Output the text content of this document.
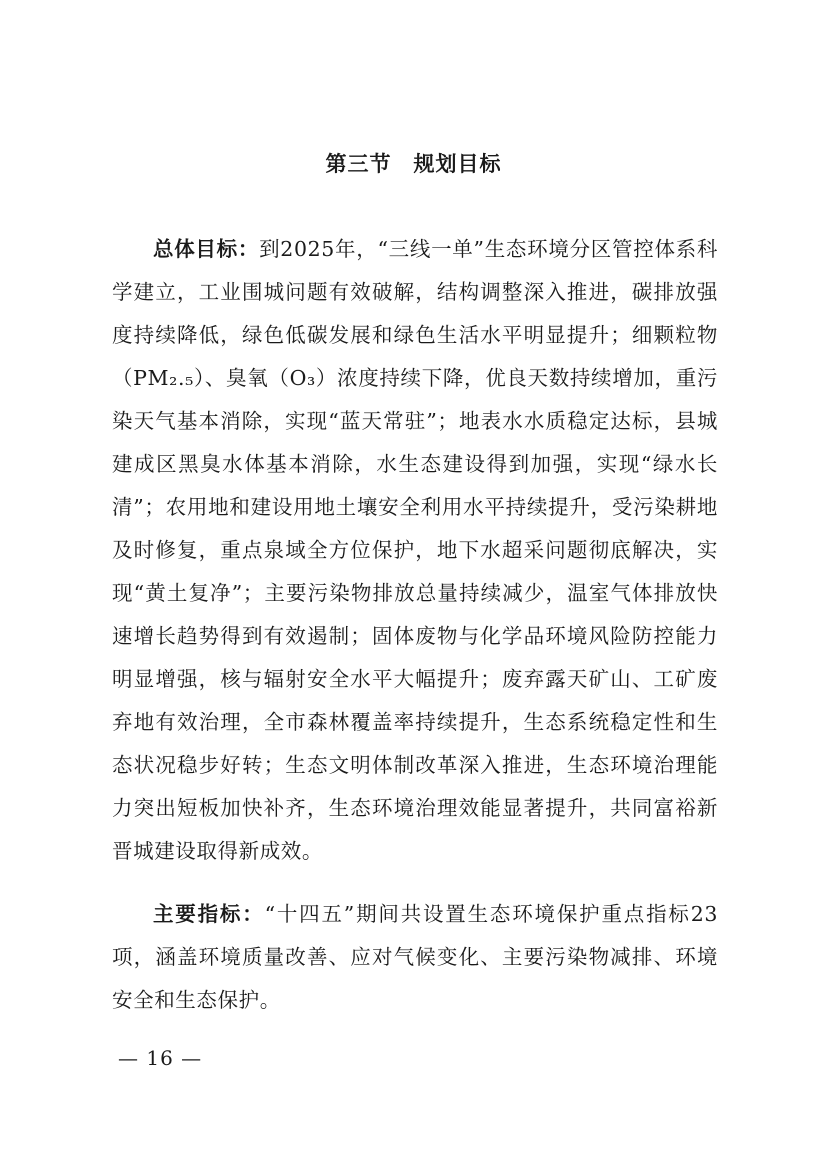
第三节 规划目标

总体目标：到2025年，“三线一单”生态环境分区管控体系科学建立，工业围城问题有效破解，结构调整深入推进，碳排放强度持续降低，绿色低碳发展和绿色生活水平明显提升；细颗粒物（PM₂.₅）、臭氧（O₃）浓度持续下降，优良天数持续增加，重污染天气基本消除，实现“蓝天常驻”；地表水水质稳定达标，县城建成区黑臭水体基本消除，水生态建设得到加强，实现“绿水长清”；农用地和建设用地土壤安全利用水平持续提升，受污染耕地及时修复，重点泉域全方位保护，地下水超采问题彻底解决，实现“黄土复净”；主要污染物排放总量持续减少，温室气体排放快速增长趋势得到有效遏制；固体废物与化学品环境风险防控能力明显增强，核与辐射安全水平大幅提升；废弃露天矿山、工矿废弃地有效治理，全市森林覆盖率持续提升，生态系统稳定性和生态状况稳步好转；生态文明体制改革深入推进，生态环境治理能力突出短板加快补齐，生态环境治理效能显著提升，共同富裕新晋城建设取得新成效。

主要指标：“十四五”期间共设置生态环境保护重点指标23项，涵盖环境质量改善、应对气候变化、主要污染物减排、环境安全和生态保护。

— 16 —
